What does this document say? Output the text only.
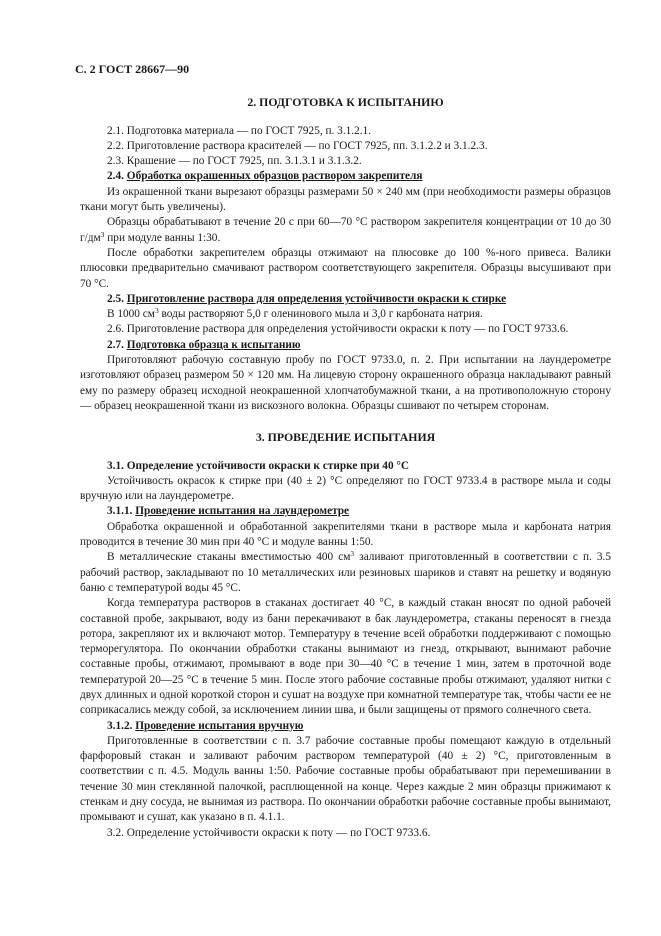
С. 2 ГОСТ 28667—90
2. ПОДГОТОВКА К ИСПЫТАНИЮ

2.1. Подготовка материала — по ГОСТ 7925, п. 3.1.2.1.

2.2. Приготовление раствора красителей — по ГОСТ 7925, пп. 3.1.2.2 и 3.1.2.3.

2.3. Крашение — по ГОСТ 7925, пп. 3.1.3.1 и 3.1.3.2.

2.4. Обработка окрашенных образцов раствором закрепителя

Из окрашенной ткани вырезают образцы размерами 50 × 240 мм (при необходимости размеры образцов ткани могут быть увеличены).

Образцы обрабатывают в течение 20 с при 60—70 °С раствором закрепителя концентрации от 10 до 30 $г/дм^3$ при модуле ванны 1:30.

После обработки закрепителем образцы отжимают на плюсовке до 100 %-ного привеса. Валики плюсовки предварительно смачивают раствором соответствующего закрепителя. Образцы высушивают при 70 °С.

2.5. Приготовление раствора для определения устойчивости окраски к стирке

В 1000 $см^3$ воды растворяют 5,0 г оленинового мыла и 3,0 г карбоната натрия.

2.6. Приготовление раствора для определения устойчивости окраски к поту — по ГОСТ 9733.6.

2.7. Подготовка образца к испытанию

Приготовляют рабочую составную пробу по ГОСТ 9733.0, п. 2. При испытании на лаундерометре изготовляют образец размером 50 × 120 мм. На лицевую сторону окрашенного образца накладывают равный ему по размеру образец исходной неокрашенной хлопчатобумажной ткани, а на противоположную сторону — образец неокрашенной ткани из вискозного волокна. Образцы сшивают по четырем сторонам.

3. ПРОВЕДЕНИЕ ИСПЫТАНИЯ

3.1. Определение устойчивости окраски к стирке при 40 °С

Устойчивость окрасок к стирке при (40 ± 2) °С определяют по ГОСТ 9733.4 в растворе мыла и соды вручную или на лаундерометре.

3.1.1. Проведение испытания на лаундерометре

Обработка окрашенной и обработанной закрепителями ткани в растворе мыла и карбоната натрия проводится в течение 30 мин при 40 °С и модуле ванны 1:50.

В металлические стаканы вместимостью 400 $см^3$ заливают приготовленный в соответствии с п. 3.5 рабочий раствор, закладывают по 10 металлических или резиновых шариков и ставят на решетку и водяную баню с температурой воды 45 °С.

Когда температура растворов в стаканах достигает 40 °С, в каждый стакан вносят по одной рабочей составной пробе, закрывают, воду из бани перекачивают в бак лаундерометра, стаканы переносят в гнезда ротора, закрепляют их и включают мотор. Температуру в течение всей обработки поддерживают с помощью терморегулятора. По окончании обработки стаканы вынимают из гнезд, открывают, вынимают рабочие составные пробы, отжимают, промывают в воде при 30—40 °С в течение 1 мин, затем в проточной воде температурой 20—25 °С в течение 5 мин. После этого рабочие составные пробы отжимают, удаляют нитки с двух длинных и одной короткой сторон и сушат на воздухе при комнатной температуре так, чтобы части ее не соприкасались между собой, за исключением линии шва, и были защищены от прямого солнечного света.

3.1.2. Проведение испытания вручную

Приготовленные в соответствии с п. 3.7 рабочие составные пробы помещают каждую в отдельный фарфоровый стакан и заливают рабочим раствором температурой (40 ± 2) °С, приготовленным в соответствии с п. 4.5. Модуль ванны 1:50. Рабочие составные пробы обрабатывают при перемешивании в течение 30 мин стеклянной палочкой, расплющенной на конце. Через каждые 2 мин образцы прижимают к стенкам и дну сосуда, не вынимая из раствора. По окончании обработки рабочие составные пробы вынимают, промывают и сушат, как указано в п. 4.1.1.

3.2. Определение устойчивости окраски к поту — по ГОСТ 9733.6.
